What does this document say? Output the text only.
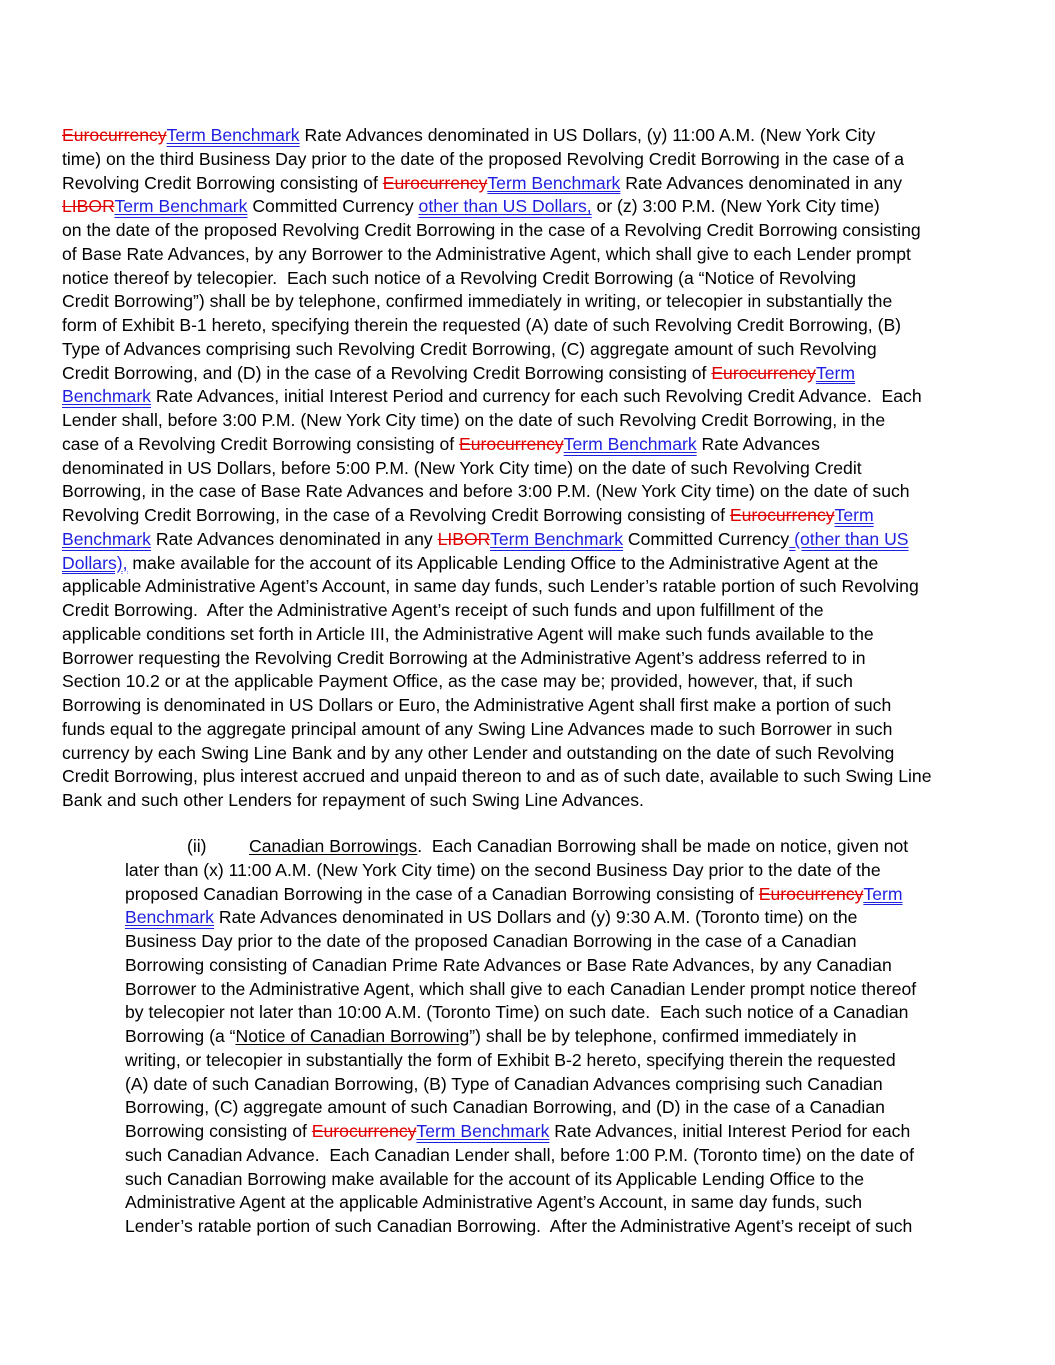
EurocurrencyTerm Benchmark Rate Advances denominated in US Dollars, (y) 11:00 A.M. (New York City
time) on the third Business Day prior to the date of the proposed Revolving Credit Borrowing in the case of a
Revolving Credit Borrowing consisting of EurocurrencyTerm Benchmark Rate Advances denominated in any
LIBORTerm Benchmark Committed Currency other than US Dollars, or (z) 3:00 P.M. (New York City time)
on the date of the proposed Revolving Credit Borrowing in the case of a Revolving Credit Borrowing consisting
of Base Rate Advances, by any Borrower to the Administrative Agent, which shall give to each Lender prompt
notice thereof by telecopier.  Each such notice of a Revolving Credit Borrowing (a “Notice of Revolving
Credit Borrowing”) shall be by telephone, confirmed immediately in writing, or telecopier in substantially the
form of Exhibit B-1 hereto, specifying therein the requested (A) date of such Revolving Credit Borrowing, (B)
Type of Advances comprising such Revolving Credit Borrowing, (C) aggregate amount of such Revolving
Credit Borrowing, and (D) in the case of a Revolving Credit Borrowing consisting of EurocurrencyTerm
Benchmark Rate Advances, initial Interest Period and currency for each such Revolving Credit Advance.  Each
Lender shall, before 3:00 P.M. (New York City time) on the date of such Revolving Credit Borrowing, in the
case of a Revolving Credit Borrowing consisting of EurocurrencyTerm Benchmark Rate Advances
denominated in US Dollars, before 5:00 P.M. (New York City time) on the date of such Revolving Credit
Borrowing, in the case of Base Rate Advances and before 3:00 P.M. (New York City time) on the date of such
Revolving Credit Borrowing, in the case of a Revolving Credit Borrowing consisting of EurocurrencyTerm
Benchmark Rate Advances denominated in any LIBORTerm Benchmark Committed Currency (other than US
Dollars), make available for the account of its Applicable Lending Office to the Administrative Agent at the
applicable Administrative Agent’s Account, in same day funds, such Lender’s ratable portion of such Revolving
Credit Borrowing.  After the Administrative Agent’s receipt of such funds and upon fulfillment of the
applicable conditions set forth in Article III, the Administrative Agent will make such funds available to the
Borrower requesting the Revolving Credit Borrowing at the Administrative Agent’s address referred to in
Section 10.2 or at the applicable Payment Office, as the case may be; provided, however, that, if such
Borrowing is denominated in US Dollars or Euro, the Administrative Agent shall first make a portion of such
funds equal to the aggregate principal amount of any Swing Line Advances made to such Borrower in such
currency by each Swing Line Bank and by any other Lender and outstanding on the date of such Revolving
Credit Borrowing, plus interest accrued and unpaid thereon to and as of such date, available to such Swing Line
Bank and such other Lenders for repayment of such Swing Line Advances.
(ii) Canadian Borrowings.  Each Canadian Borrowing shall be made on notice, given not
later than (x) 11:00 A.M. (New York City time) on the second Business Day prior to the date of the
proposed Canadian Borrowing in the case of a Canadian Borrowing consisting of EurocurrencyTerm
Benchmark Rate Advances denominated in US Dollars and (y) 9:30 A.M. (Toronto time) on the
Business Day prior to the date of the proposed Canadian Borrowing in the case of a Canadian
Borrowing consisting of Canadian Prime Rate Advances or Base Rate Advances, by any Canadian
Borrower to the Administrative Agent, which shall give to each Canadian Lender prompt notice thereof
by telecopier not later than 10:00 A.M. (Toronto Time) on such date.  Each such notice of a Canadian
Borrowing (a “Notice of Canadian Borrowing”) shall be by telephone, confirmed immediately in
writing, or telecopier in substantially the form of Exhibit B-2 hereto, specifying therein the requested
(A) date of such Canadian Borrowing, (B) Type of Canadian Advances comprising such Canadian
Borrowing, (C) aggregate amount of such Canadian Borrowing, and (D) in the case of a Canadian
Borrowing consisting of EurocurrencyTerm Benchmark Rate Advances, initial Interest Period for each
such Canadian Advance.  Each Canadian Lender shall, before 1:00 P.M. (Toronto time) on the date of
such Canadian Borrowing make available for the account of its Applicable Lending Office to the
Administrative Agent at the applicable Administrative Agent’s Account, in same day funds, such
Lender’s ratable portion of such Canadian Borrowing.  After the Administrative Agent’s receipt of such
